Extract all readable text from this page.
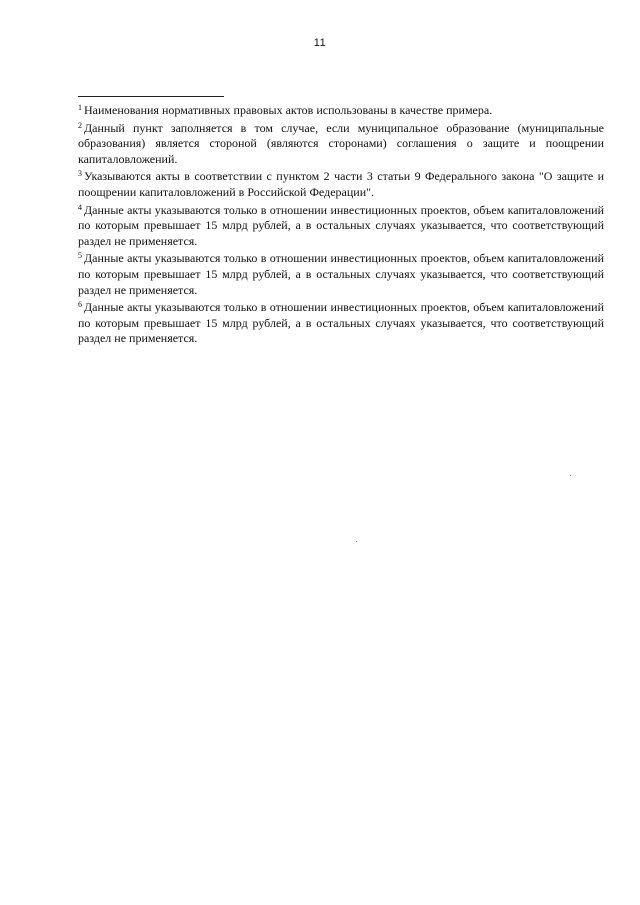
11

$^1$ Наименования нормативных правовых актов использованы в качестве примера.

$^2$ Данный пункт заполняется в том случае, если муниципальное образование (муниципальные образования) является стороной (являются сторонами) соглашения о защите и поощрении капиталовложений.

$^3$ Указываются акты в соответствии с пунктом 2 части 3 статьи 9 Федерального закона "О защите и поощрении капиталовложений в Российской Федерации".

$^4$ Данные акты указываются только в отношении инвестиционных проектов, объем капиталовложений по которым превышает 15 млрд рублей, а в остальных случаях указывается, что соответствующий раздел не применяется.

$^5$ Данные акты указываются только в отношении инвестиционных проектов, объем капиталовложений по которым превышает 15 млрд рублей, а в остальных случаях указывается, что соответствующий раздел не применяется.

$^6$ Данные акты указываются только в отношении инвестиционных проектов, объем капиталовложений по которым превышает 15 млрд рублей, а в остальных случаях указывается, что соответствующий раздел не применяется.
